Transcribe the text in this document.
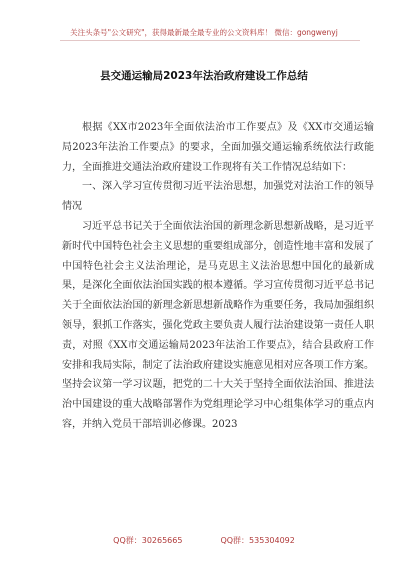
关注头条号"公文研究"，获得最新最全最专业的公文资料库！ 微信：gongwenyj
县交通运输局2023年法治政府建设工作总结

根据《XX市2023年全面依法治市工作要点》及《XX市交通运输局2023年法治工作要点》的要求，全面加强交通运输系统依法行政能力，全面推进交通法治政府建设工作现将有关工作情况总结如下：

一、深入学习宣传贯彻习近平法治思想，加强党对法治工作的领导情况

习近平总书记关于全面依法治国的新理念新思想新战略，是习近平新时代中国特色社会主义思想的重要组成部分，创造性地丰富和发展了中国特色社会主义法治理论，是马克思主义法治思想中国化的最新成果，是深化全面依法治国实践的根本遵循。学习宣传贯彻习近平总书记关于全面依法治国的新理念新思想新战略作为重要任务，我局加强组织领导，狠抓工作落实，强化党政主要负责人履行法治建设第一责任人职责，对照《XX市交通运输局2023年法治工作要点》，结合县政府工作安排和我局实际，制定了法治政府建设实施意见相对应各项工作方案。坚持会议第一学习议题，把党的二十大关于坚持全面依法治国、推进法治中国建设的重大战略部署作为党组理论学习中心组集体学习的重点内容，并纳入党员干部培训必修课。2023

QQ群：30265665	QQ群：535304092
